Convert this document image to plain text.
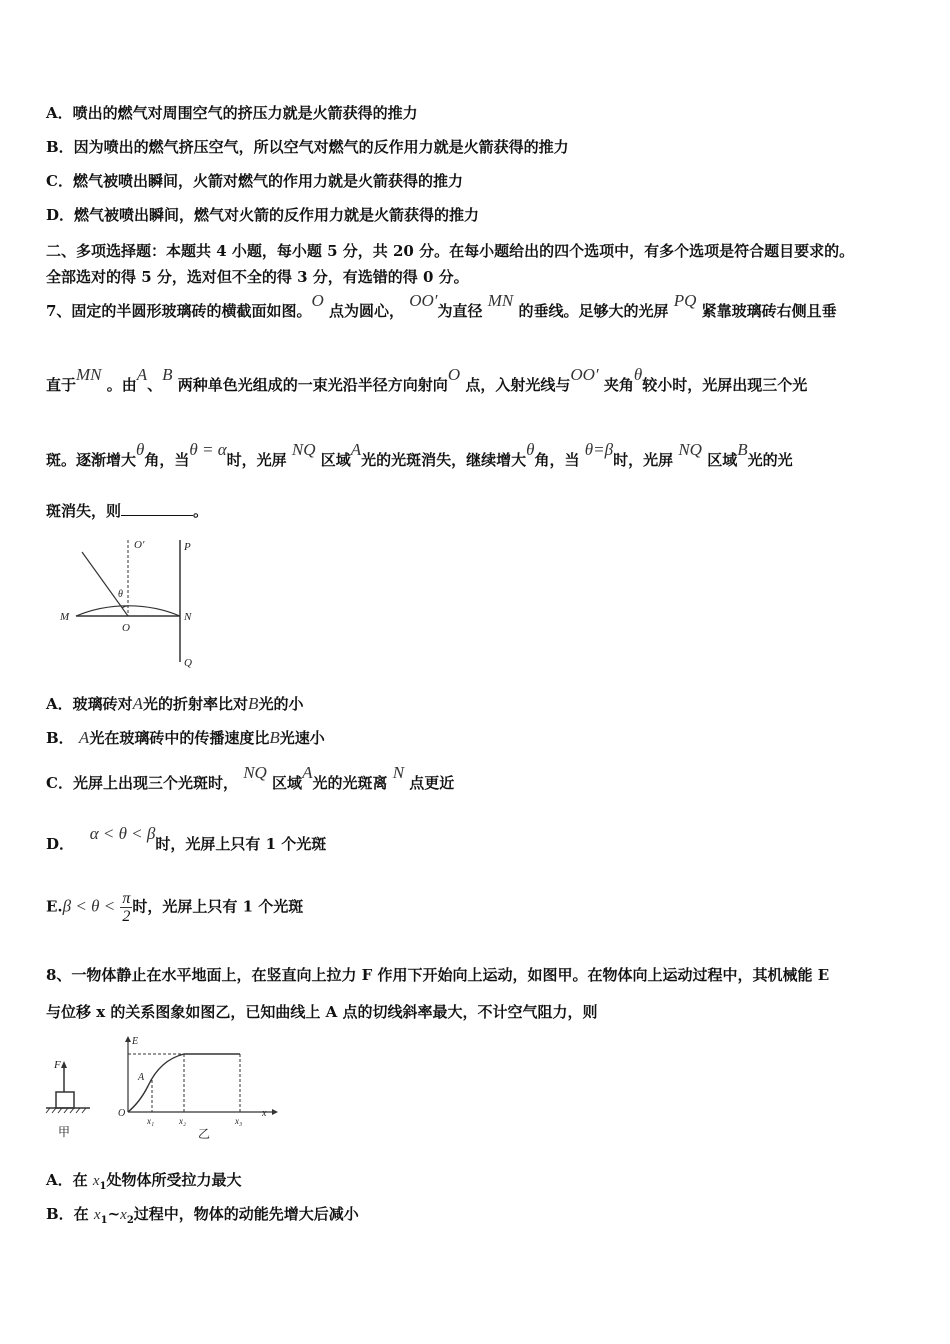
A．喷出的燃气对周围空气的挤压力就是火箭获得的推力
B．因为喷出的燃气挤压空气，所以空气对燃气的反作用力就是火箭获得的推力
C．燃气被喷出瞬间，火箭对燃气的作用力就是火箭获得的推力
D．燃气被喷出瞬间，燃气对火箭的反作用力就是火箭获得的推力
二、多项选择题：本题共 4 小题，每小题 5 分，共 20 分。在每小题给出的四个选项中，有多个选项是符合题目要求的。
全部选对的得 5 分，选对但不全的得 3 分，有选错的得 0 分。
7、固定的半圆形玻璃砖的横截面如图。O 点为圆心， OO′为直径 MN 的垂线。足够大的光屏 PQ 紧靠玻璃砖右侧且垂
直于MN 。由A、B 两种单色光组成的一束光沿半径方向射向O 点，入射光线与OO′ 夹角θ较小时，光屏出现三个光
斑。逐渐增大θ角，当θ = α时，光屏 NQ 区域A光的光斑消失，继续增大θ角，当 θ=β时，光屏 NQ 区域B光的光
斑消失，则	。
O′	P
M
O
N
Q
θ
A．玻璃砖对A光的折射率比对B光的小
B． A光在玻璃砖中的传播速度比B光速小
C．光屏上出现三个光斑时， NQ 区域A光的光斑离 N 点更近
D．   α < θ < β时，光屏上只有 1 个光斑
$E.\beta < \theta < \frac{\pi}{2}$ 时，光屏上只有 1 个光斑
8、一物体静止在水平地面上，在竖直向上拉力 F 作用下开始向上运动，如图甲。在物体向上运动过程中，其机械能 E
与位移 x 的关系图象如图乙，已知曲线上 A 点的切线斜率最大，不计空气阻力，则
F
甲
E
A
O
x₁	x₂	x₃
x
乙
A．在 $x_1$处物体所受拉力最大
B．在 $x_1\sim x_2$过程中，物体的动能先增大后减小
